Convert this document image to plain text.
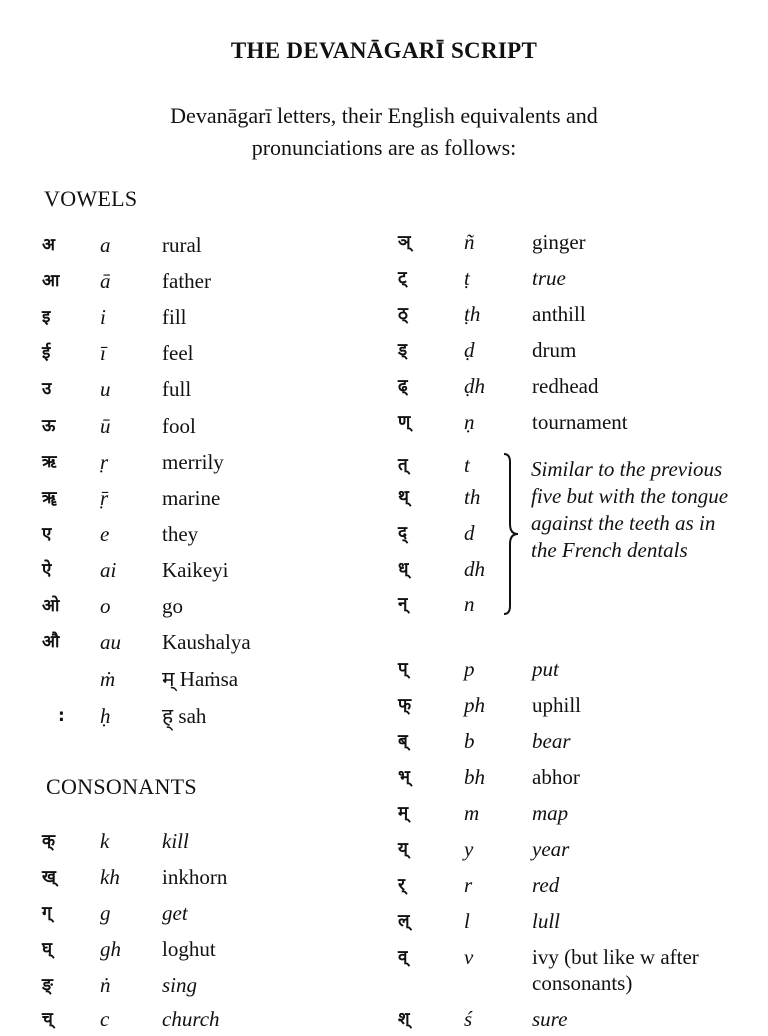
THE DEVANĀGARĪ SCRIPT
Devanāgarī letters, their English equivalents and
pronunciations are as follows:
VOWELS
CONSONANTS
अ a rural
आ ā father
इ i	fill
ई ī	feel
उ u full
ऊ ū fool
ऋ ṛ	merrily
ॠ ṝ	marine
ए e	they
ऐ ai Kaikeyi
ओ o go
औ au Kaushalya
ṁ म् Haṁsa
: ḥ ह् sah
क् k	kill
ख् kh inkhorn
ग् g get
घ् gh loghut
ङ् ṅ sing
च् c	church
ञ्	ñ	ginger
ट्	ṭ	true
ठ्	ṭh anthill
ड्	ḍ	drum
ढ्	ḍh redhead
ण्	ṇ	tournament
त्	t
थ्	th
द्	d
ध्	dh
न्	n
Similar to the previous five but with the tongue against the teeth as in the French dentals
प्	p	put
फ्	ph uphill
ब्	b	bear
भ्	bh abhor
म्	m	map
य्	y	year
र्	r	red
ल्	l	lull
व्	v	ivy (but like w after consonants)
श्	ś	sure
